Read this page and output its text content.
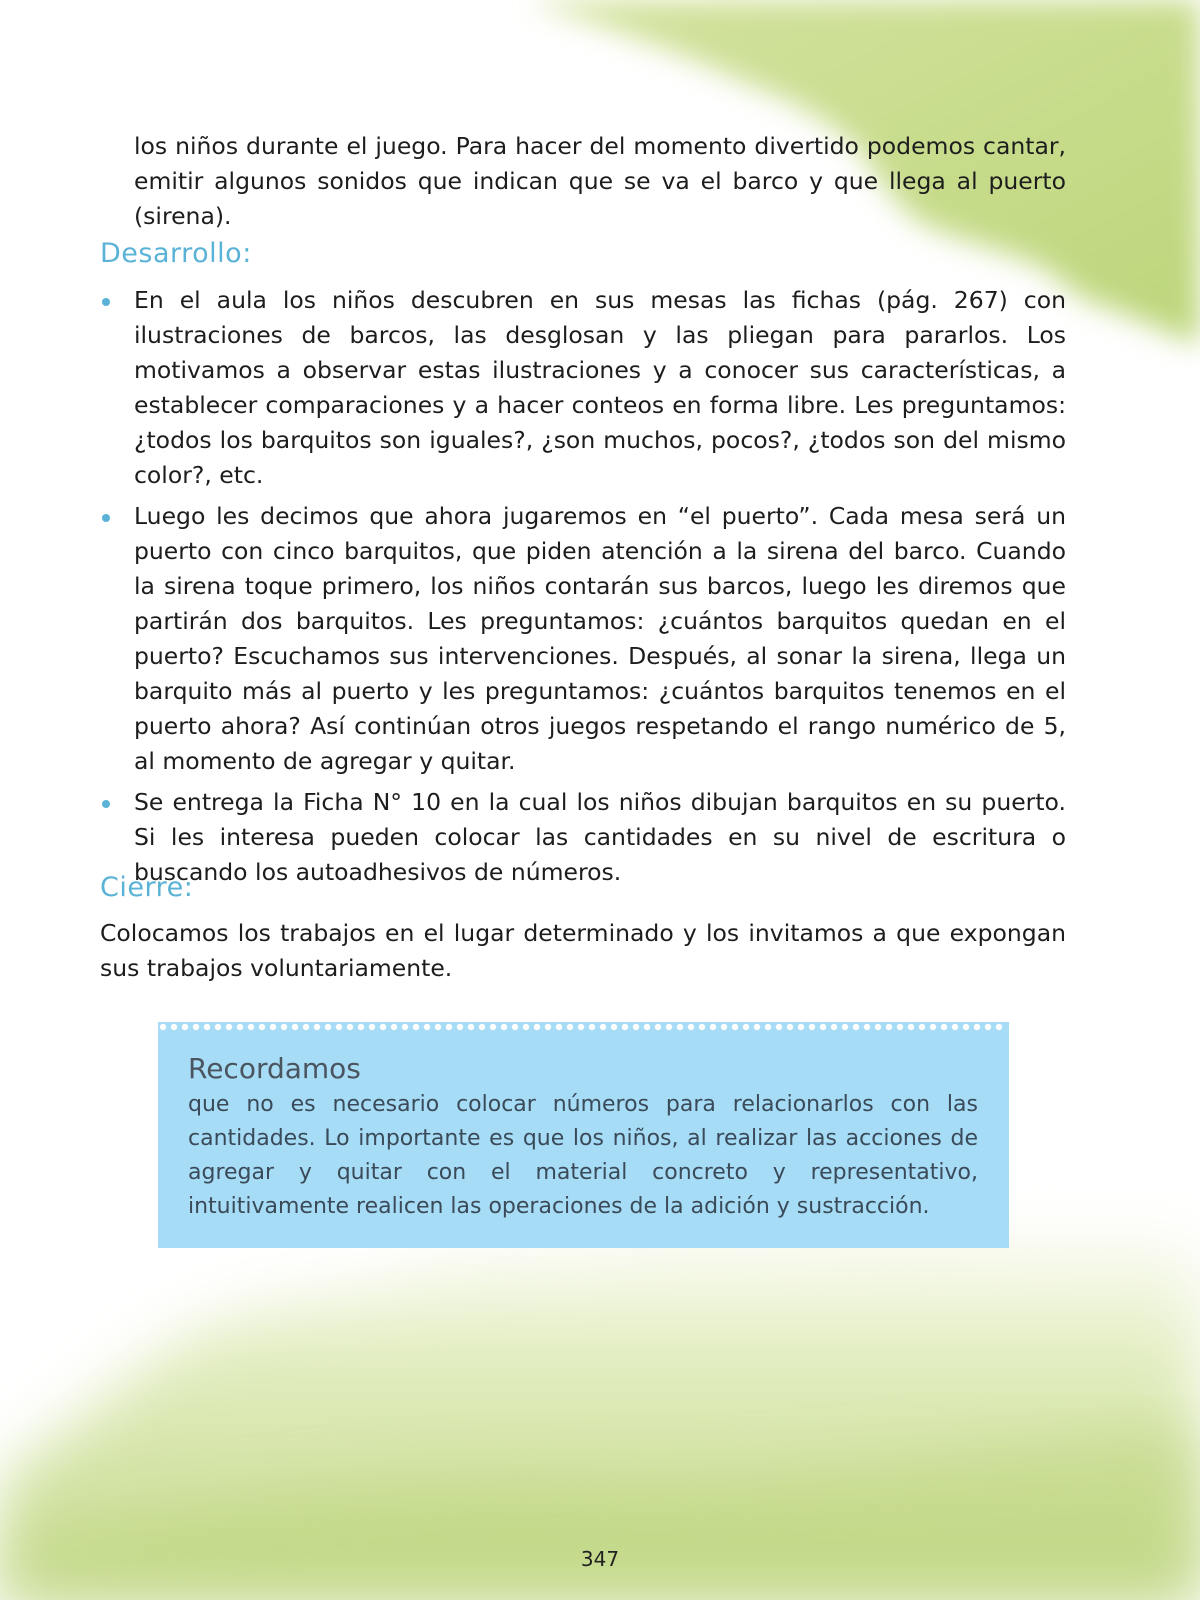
los niños durante el juego. Para hacer del momento divertido podemos cantar, emitir algunos sonidos que indican que se va el barco y que llega al puerto (sirena).

Desarrollo:
En el aula los niños descubren en sus mesas las fichas (pág. 267) con ilustraciones de barcos, las desglosan y las pliegan para pararlos. Los motivamos a observar estas ilustraciones y a conocer sus características, a establecer comparaciones y a hacer conteos en forma libre. Les preguntamos: ¿todos los barquitos son iguales?, ¿son muchos, pocos?, ¿todos son del mismo color?, etc.
Luego les decimos que ahora jugaremos en “el puerto”. Cada mesa será un puerto con cinco barquitos, que piden atención a la sirena del barco. Cuando la sirena toque primero, los niños contarán sus barcos, luego les diremos que partirán dos barquitos. Les preguntamos: ¿cuántos barquitos quedan en el puerto? Escuchamos sus intervenciones. Después, al sonar la sirena, llega un barquito más al puerto y les preguntamos: ¿cuántos barquitos tenemos en el puerto ahora? Así continúan otros juegos respetando el rango numérico de 5, al momento de agregar y quitar.
Se entrega la Ficha N° 10 en la cual los niños dibujan barquitos en su puerto. Si les interesa pueden colocar las cantidades en su nivel de escritura o buscando los autoadhesivos de números.
Cierre:

Colocamos los trabajos en el lugar determinado y los invitamos a que expongan sus trabajos voluntariamente.

Recordamos

que no es necesario colocar números para relacionarlos con las cantidades. Lo importante es que los niños, al realizar las acciones de agregar y quitar con el material concreto y representativo, intuitivamente realicen las operaciones de la adición y sustracción.

347
